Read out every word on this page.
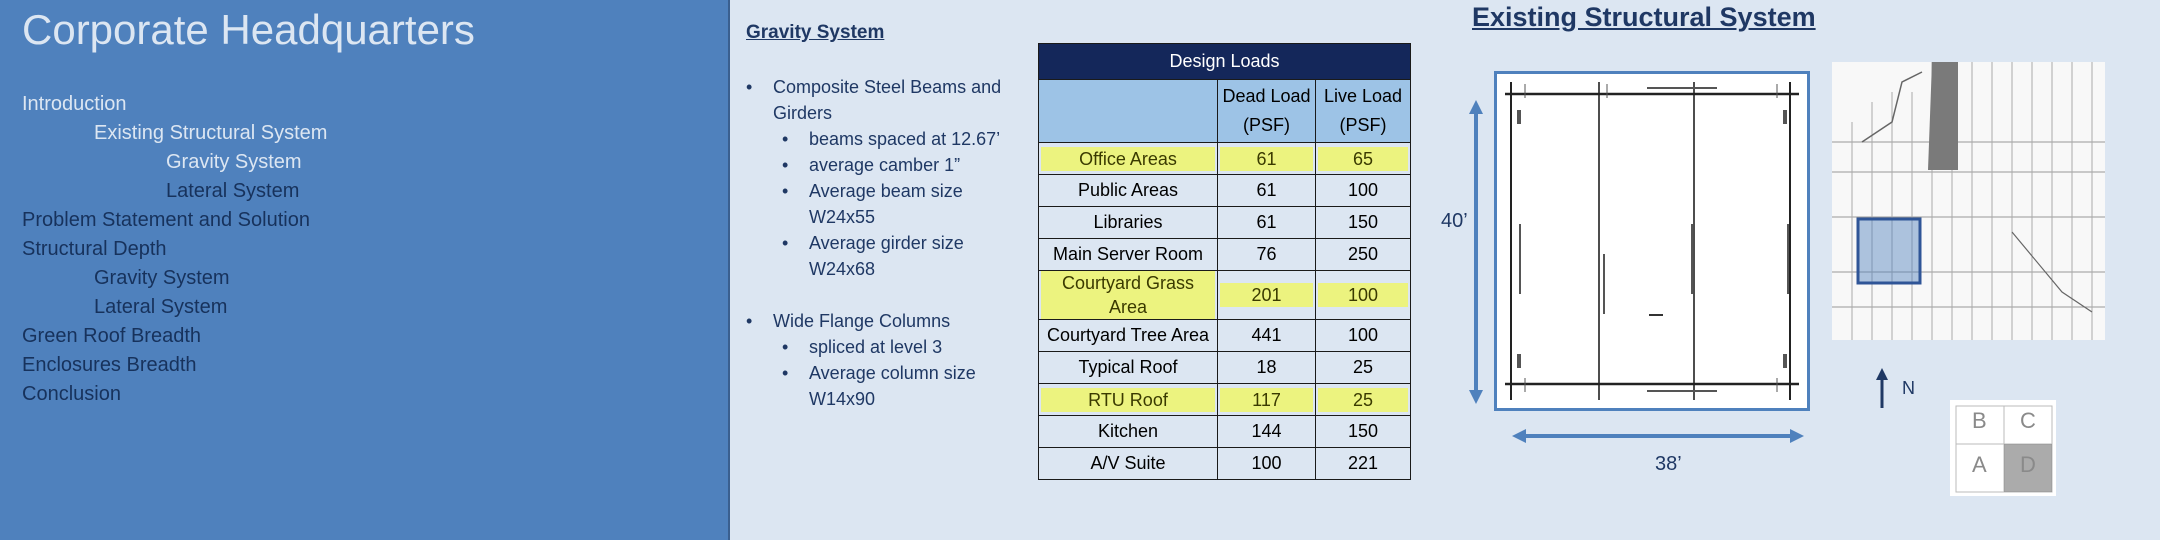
Corporate Headquarters
Introduction
Existing Structural System
Gravity System
Lateral System
Problem Statement and Solution
Structural Depth
Gravity System
Lateral System
Green Roof Breadth
Enclosures Breadth
Conclusion
Gravity System
• Composite Steel Beams and Girders
• beams spaced at 12.67’
• average camber 1”
• Average beam size W24x55
• Average girder size W24x68
• Wide Flange Columns
• spliced at level 3
• Average column size W14x90
Design Loads		
	Dead Load (PSF)	Live Load (PSF)

Office Areas	61	65

Public Areas	61	100
Libraries	61	150
Main Server Room	76	250

Courtyard Grass Area	201	100

Courtyard Tree Area	441	100
Typical Roof	18	25

RTU Roof	117	25

Kitchen	144	150
A/V Suite	100	221
Existing Structural System
40’
38’
N
B C
A D
